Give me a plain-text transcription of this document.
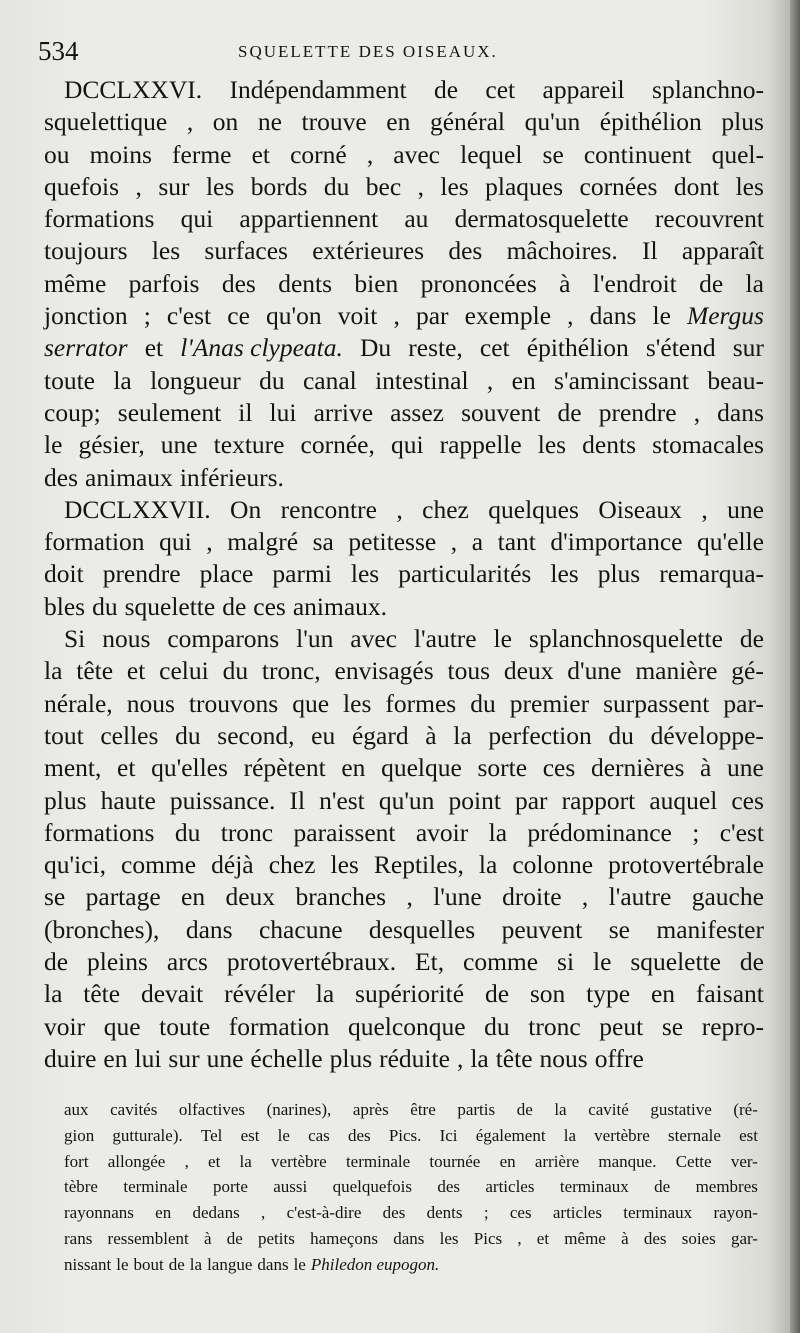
534	SQUELETTE DES OISEAUX.
DCCLXXVI. Indépendamment de cet appareil splanchno-
squelettique , on ne trouve en général qu'un épithélion plus
ou moins ferme et corné , avec lequel se continuent quel-
quefois , sur les bords du bec , les plaques cornées dont les
formations qui appartiennent au dermatosquelette recouvrent
toujours les surfaces extérieures des mâchoires. Il apparaît
même parfois des dents bien prononcées à l'endroit de la
jonction ; c'est ce qu'on voit , par exemple , dans le Mergus
serrator et l'Anas clypeata. Du reste, cet épithélion s'étend sur
toute la longueur du canal intestinal , en s'amincissant beau-
coup; seulement il lui arrive assez souvent de prendre , dans
le gésier, une texture cornée, qui rappelle les dents stomacales
des animaux inférieurs.
DCCLXXVII. On rencontre , chez quelques Oiseaux , une
formation qui , malgré sa petitesse , a tant d'importance qu'elle
doit prendre place parmi les particularités les plus remarqua-
bles du squelette de ces animaux.
Si nous comparons l'un avec l'autre le splanchnosquelette de
la tête et celui du tronc, envisagés tous deux d'une manière gé-
nérale, nous trouvons que les formes du premier surpassent par-
tout celles du second, eu égard à la perfection du développe-
ment, et qu'elles répètent en quelque sorte ces dernières à une
plus haute puissance. Il n'est qu'un point par rapport auquel ces
formations du tronc paraissent avoir la prédominance ; c'est
qu'ici, comme déjà chez les Reptiles, la colonne protovertébrale
se partage en deux branches , l'une droite , l'autre gauche
(bronches), dans chacune desquelles peuvent se manifester
de pleins arcs protovertébraux. Et, comme si le squelette de
la tête devait révéler la supériorité de son type en faisant
voir que toute formation quelconque du tronc peut se repro-
duire en lui sur une échelle plus réduite , la tête nous offre
aux cavités olfactives (narines), après être partis de la cavité gustative (ré-
gion gutturale). Tel est le cas des Pics. Ici également la vertèbre sternale est
fort allongée , et la vertèbre terminale tournée en arrière manque. Cette ver-
tèbre terminale porte aussi quelquefois des articles terminaux de membres
rayonnans en dedans , c'est-à-dire des dents ; ces articles terminaux rayon-
rans ressemblent à de petits hameçons dans les Pics , et même à des soies gar-
nissant le bout de la langue dans le Philedon eupogon.
